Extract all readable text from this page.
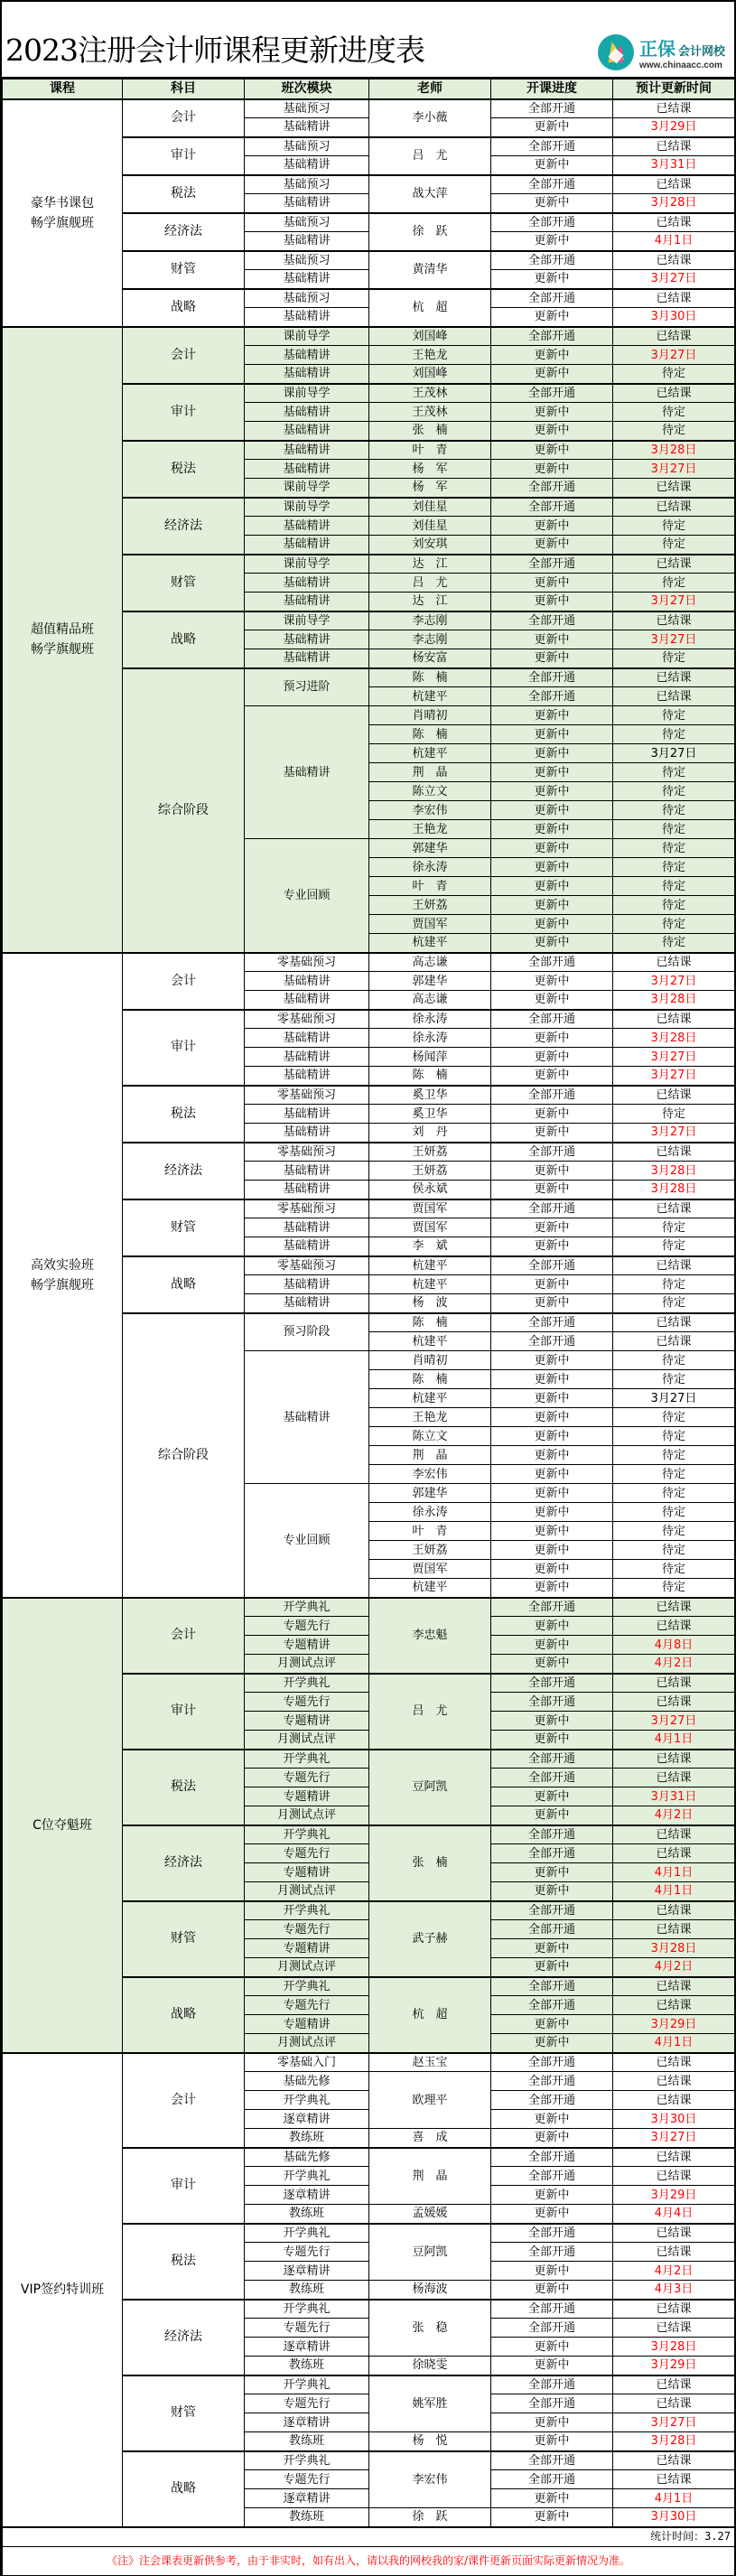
2023注册会计师课程更新进度表	正保 会计网校
www.chinaacc.com
课程	科目	班次模块	老师	开课进度	预计更新时间
豪华书课包
畅学旗舰班	会计	基础预习	李小薇	全部开通	已结课
		基础精讲		更新中	3月29日
	审计	基础预习	吕　尤	全部开通	已结课
		基础精讲		更新中	3月31日
	税法	基础预习	战大萍	全部开通	已结课
		基础精讲		更新中	3月28日
	经济法	基础预习	徐　跃	全部开通	已结课
		基础精讲		更新中	4月1日
	财管	基础预习	黄清华	全部开通	已结课
		基础精讲		更新中	3月27日
	战略	基础预习	杭　超	全部开通	已结课
		基础精讲		更新中	3月30日
超值精品班
畅学旗舰班	会计	课前导学	刘国峰	全部开通	已结课
		基础精讲	王艳龙	更新中	3月27日
		基础精讲	刘国峰	更新中	待定
	审计	课前导学	王茂林	全部开通	已结课
		基础精讲	王茂林	更新中	待定
		基础精讲	张　楠	更新中	待定
	税法	基础精讲	叶　青	更新中	3月28日
		基础精讲	杨　军	更新中	3月27日
		课前导学	杨　军	全部开通	已结课
	经济法	课前导学	刘佳星	全部开通	已结课
		基础精讲	刘佳星	更新中	待定
		基础精讲	刘安琪	更新中	待定
	财管	课前导学	达　江	全部开通	已结课
		基础精讲	吕　尤	更新中	待定
		基础精讲	达　江	更新中	3月27日
	战略	课前导学	李志刚	全部开通	已结课
		基础精讲	李志刚	更新中	3月27日
		基础精讲	杨安富	更新中	待定
	综合阶段	预习进阶	陈　楠	全部开通	已结课
			杭建平	全部开通	已结课
		基础精讲	肖晴初	更新中	待定
			陈　楠	更新中	待定
			杭建平	更新中	3月27日
			荆　晶	更新中	待定
			陈立文	更新中	待定
			李宏伟	更新中	待定
			王艳龙	更新中	待定
		专业回顾	郭建华	更新中	待定
			徐永涛	更新中	待定
			叶　青	更新中	待定
			王妍荔	更新中	待定
			贾国军	更新中	待定
			杭建平	更新中	待定
高效实验班
畅学旗舰班	会计	零基础预习	高志谦	全部开通	已结课
		基础精讲	郭建华	更新中	3月27日
		基础精讲	高志谦	更新中	3月28日
	审计	零基础预习	徐永涛	全部开通	已结课
		基础精讲	徐永涛	更新中	3月28日
		基础精讲	杨闻萍	更新中	3月27日
		基础精讲	陈　楠	更新中	3月27日
	税法	零基础预习	奚卫华	全部开通	已结课
		基础精讲	奚卫华	更新中	待定
		基础精讲	刘　丹	更新中	3月27日
	经济法	零基础预习	王妍荔	全部开通	已结课
		基础精讲	王妍荔	更新中	3月28日
		基础精讲	侯永斌	更新中	3月28日
	财管	零基础预习	贾国军	全部开通	已结课
		基础精讲	贾国军	更新中	待定
		基础精讲	李　斌	更新中	待定
	战略	零基础预习	杭建平	全部开通	已结课
		基础精讲	杭建平	更新中	待定
		基础精讲	杨　波	更新中	待定
	综合阶段	预习阶段	陈　楠	全部开通	已结课
			杭建平	全部开通	已结课
		基础精讲	肖晴初	更新中	待定
			陈　楠	更新中	待定
			杭建平	更新中	3月27日
			王艳龙	更新中	待定
			陈立文	更新中	待定
			荆　晶	更新中	待定
			李宏伟	更新中	待定
		专业回顾	郭建华	更新中	待定
			徐永涛	更新中	待定
			叶　青	更新中	待定
			王妍荔	更新中	待定
			贾国军	更新中	待定
			杭建平	更新中	待定
C位夺魁班	会计	开学典礼	李忠魁	全部开通	已结课
		专题先行		更新中	已结课
		专题精讲		更新中	4月8日
		月测试点评		更新中	4月2日
	审计	开学典礼	吕　尤	全部开通	已结课
		专题先行		全部开通	已结课
		专题精讲		更新中	3月27日
		月测试点评		更新中	4月1日
	税法	开学典礼	豆阿凯	全部开通	已结课
		专题先行		全部开通	已结课
		专题精讲		更新中	3月31日
		月测试点评		更新中	4月2日
	经济法	开学典礼	张　楠	全部开通	已结课
		专题先行		全部开通	已结课
		专题精讲		更新中	4月1日
		月测试点评		更新中	4月1日
	财管	开学典礼	武子赫	全部开通	已结课
		专题先行		全部开通	已结课
		专题精讲		更新中	3月28日
		月测试点评		更新中	4月2日
	战略	开学典礼	杭　超	全部开通	已结课
		专题先行		全部开通	已结课
		专题精讲		更新中	3月29日
		月测试点评		更新中	4月1日
VIP签约特训班	会计	零基础入门	赵玉宝	全部开通	已结课
		基础先修	欧理平	全部开通	已结课
		开学典礼		全部开通	已结课
		逐章精讲		更新中	3月30日
		教练班	喜　成	更新中	3月27日
	审计	基础先修	荆　晶	全部开通	已结课
		开学典礼		全部开通	已结课
		逐章精讲		更新中	3月29日
		教练班	孟媛媛	更新中	4月4日
	税法	开学典礼	豆阿凯	全部开通	已结课
		专题先行		全部开通	已结课
		逐章精讲		更新中	4月2日
		教练班	杨海波	更新中	4月3日
	经济法	开学典礼	张　稳	全部开通	已结课
		专题先行		全部开通	已结课
		逐章精讲		更新中	3月28日
		教练班	徐晓雯	更新中	3月29日
	财管	开学典礼	姚军胜	全部开通	已结课
		专题先行		全部开通	已结课
		逐章精讲		更新中	3月27日
		教练班	杨　悦	更新中	3月28日
	战略	开学典礼	李宏伟	全部开通	已结课
		专题先行		全部开通	已结课
		逐章精讲		更新中	4月1日
		教练班	徐　跃	更新中	3月30日
统计时间：3.27					
《注》注会课表更新供参考，由于非实时，如有出入，请以我的网校我的家/课件更新页面实际更新情况为准。					
